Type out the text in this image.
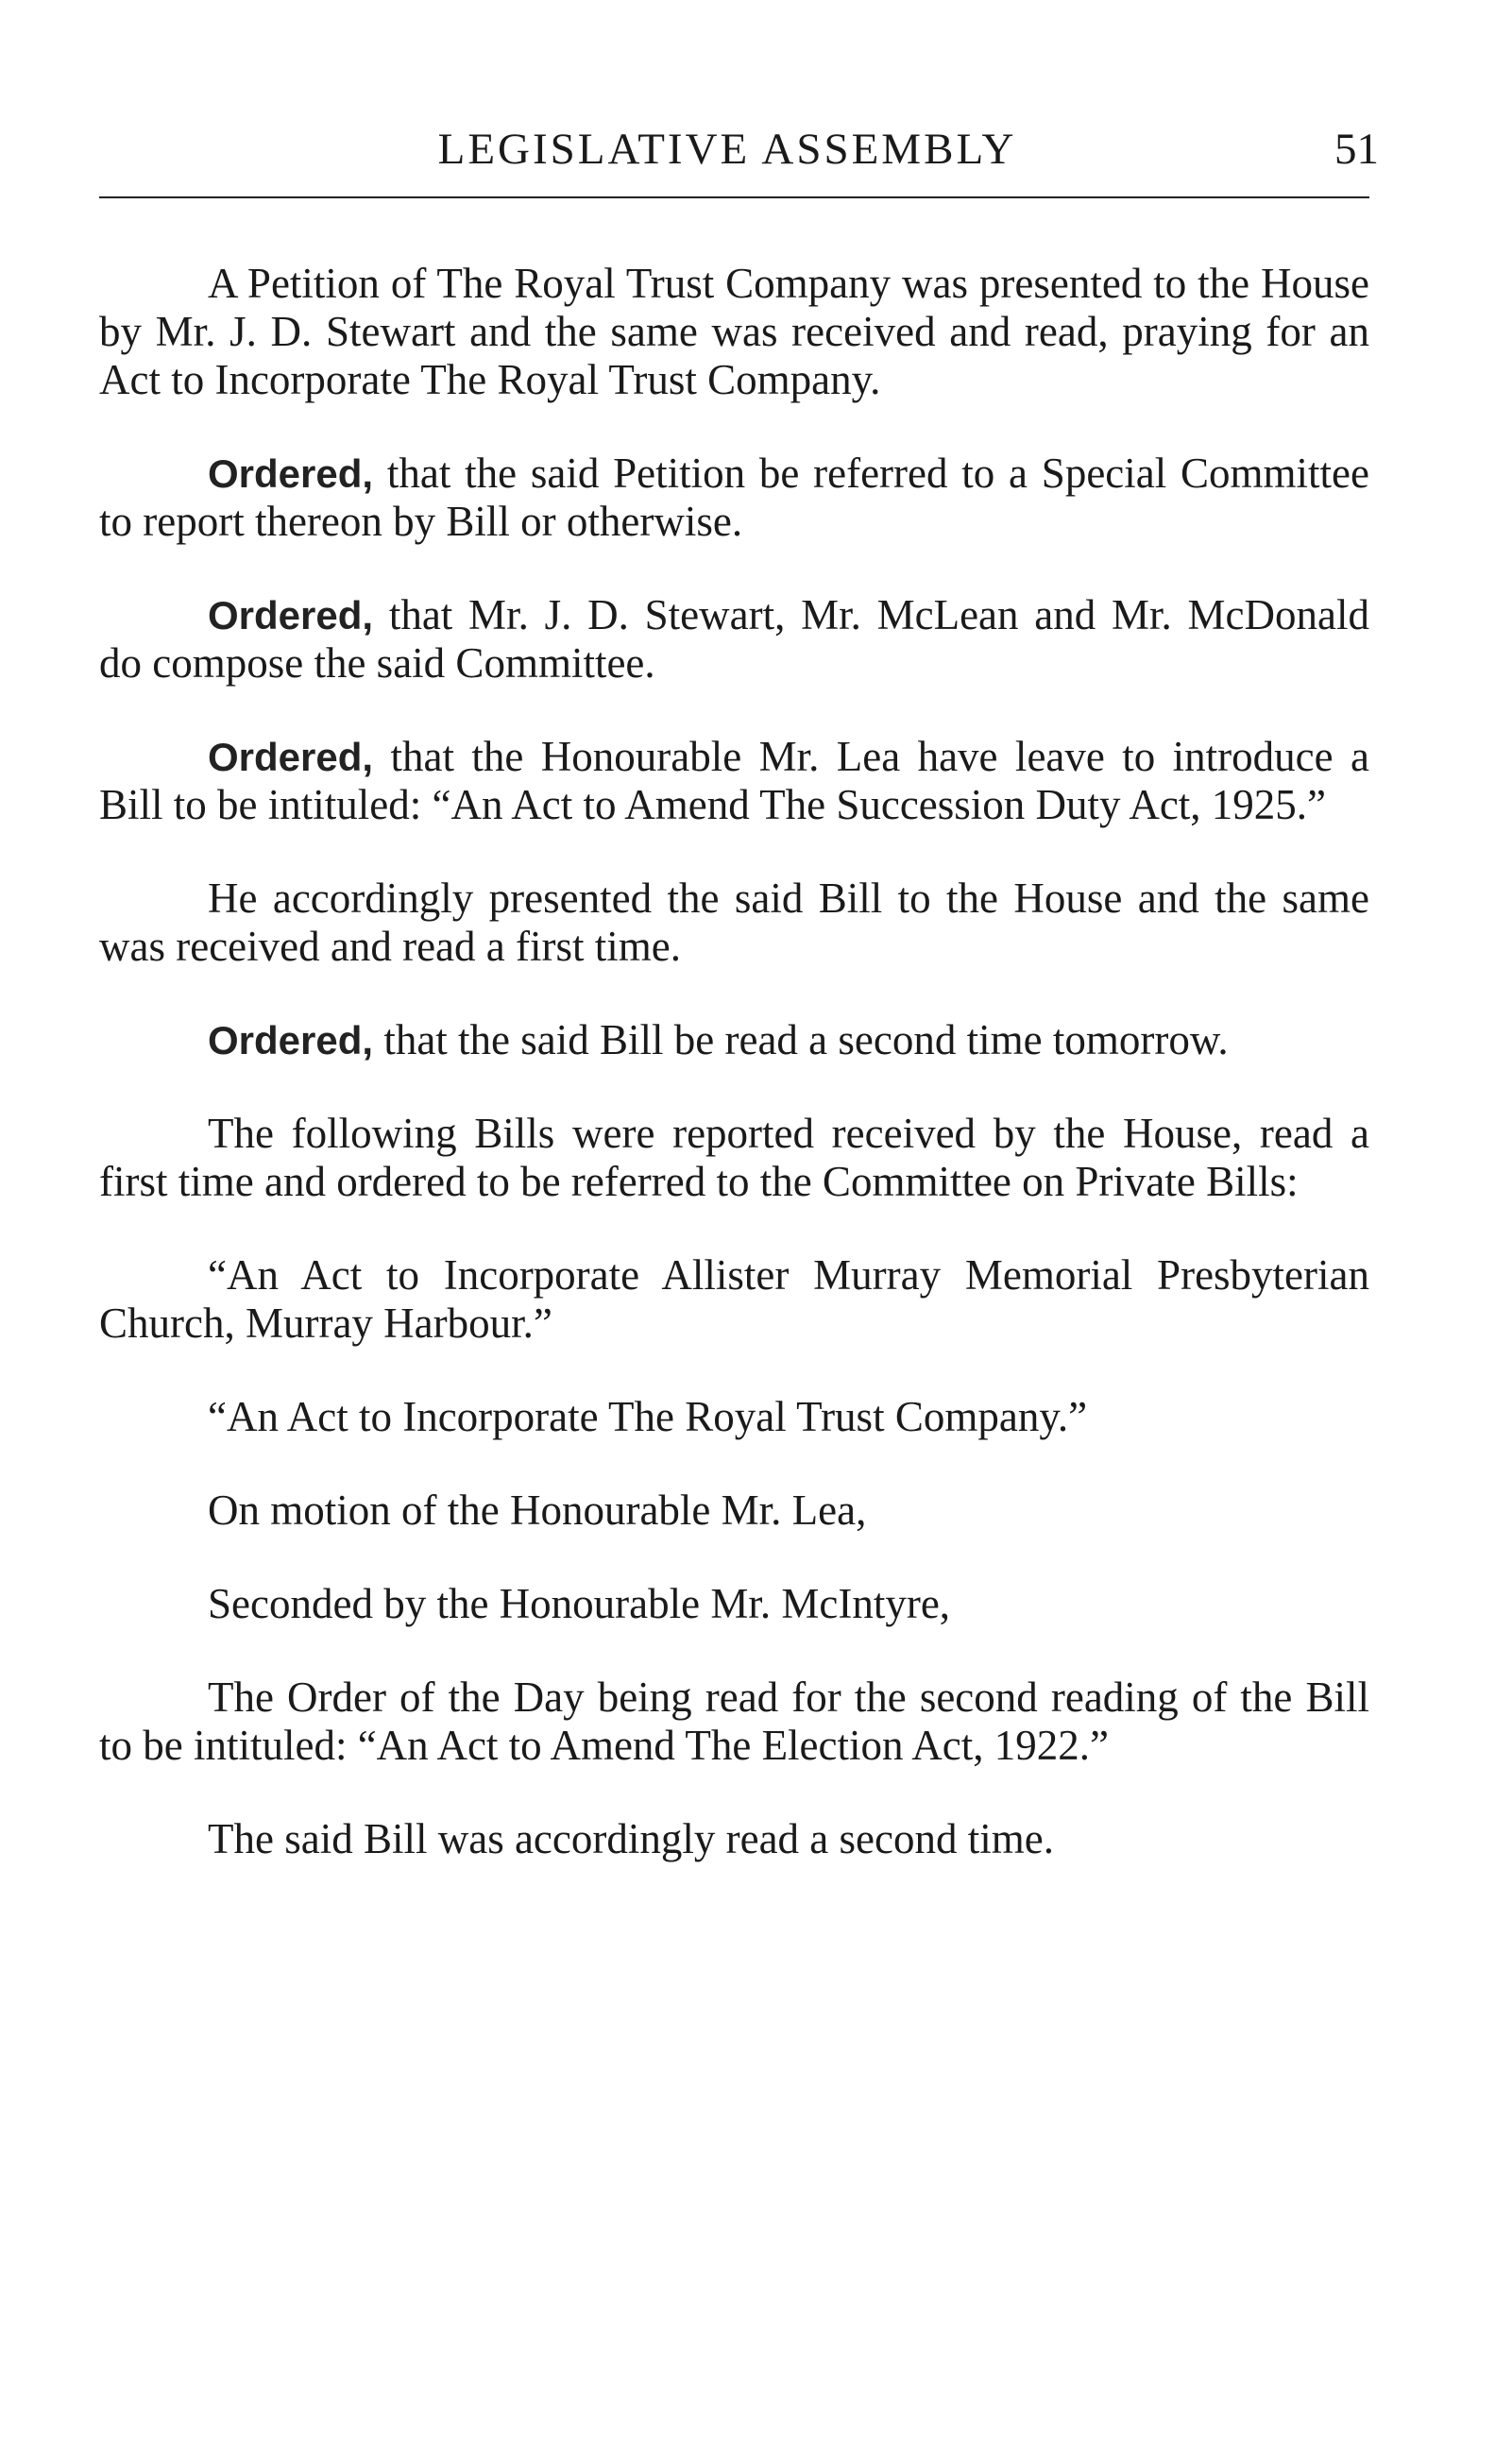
LEGISLATIVE ASSEMBLY	51

A Petition of The Royal Trust Company was presented to the House by Mr. J. D. Stewart and the same was received and read, praying for an Act to Incorporate The Royal Trust Company.

Ordered, that the said Petition be referred to a Special Committee to report thereon by Bill or otherwise.

Ordered, that Mr. J. D. Stewart, Mr. McLean and Mr. McDonald do compose the said Committee.

Ordered, that the Honourable Mr. Lea have leave to introduce a Bill to be intituled: “An Act to Amend The Succession Duty Act, 1925.”

He accordingly presented the said Bill to the House and the same was received and read a first time.

Ordered, that the said Bill be read a second time tomorrow.

The following Bills were reported received by the House, read a first time and ordered to be referred to the Committee on Private Bills:

“An Act to Incorporate Allister Murray Memorial Presbyterian Church, Murray Harbour.”

“An Act to Incorporate The Royal Trust Company.”

On motion of the Honourable Mr. Lea,

Seconded by the Honourable Mr. McIntyre,

The Order of the Day being read for the second reading of the Bill to be intituled: “An Act to Amend The Election Act, 1922.”

The said Bill was accordingly read a second time.
